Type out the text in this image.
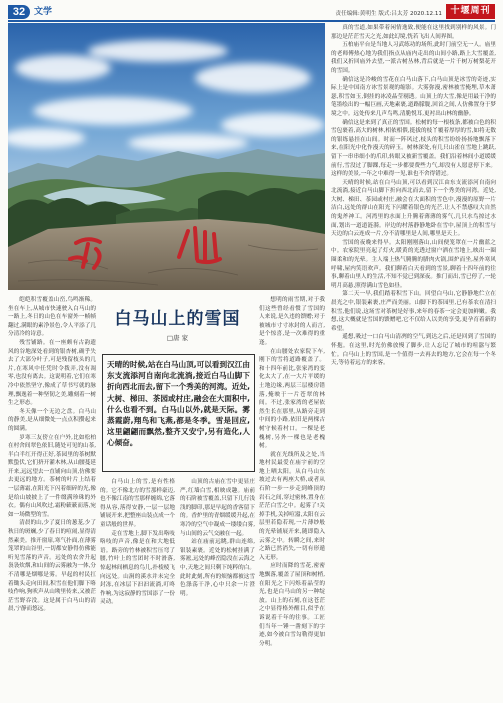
32 文学	责任编辑:黄明生 版式:吕太芳 2020.12.11 十堰周刊

真的雪道,如果带着闲情逸致,便能在这里找到别样的风景。门那边是茫茫雪天之光,如此幻境,恍若飞出人间界图。

五柏庙平台是当地人习武练功的场所,此时门前空无一人。庙里的老师傅热心地为我们指点从庙内走出的山间小路,路上大雪覆盖,我们又折回庙外去望,一派古树丛林,背后就是一片千树万树梨花开的雪国。

确信这是冷峻的雪花在白马山落下,白马山顶是冰雪的奇迹,实际上是中国南方冰雪景观的缩影。大雾弥漫,密林被雪掩埋,草木萧瑟,积雪如玉,倒挂的冰凌晶莹剔透。山顶上的大雪,像是用最干净的笔墨绘出的一幅巨画,天地素裹,道路朦胧,回首之间,人仿佛置身于梦境之中。远处传来几声鸟鸣,清脆悦耳,更衬出山林的幽静。

确信这是来到了真正的雪国。松树的每一根枝条,都被白色的积雪包裹着,高大的树林,相依相偎,挺拔的枝丫覆着厚厚的雪,如将无数的银练悬挂在山间。时而一阵风过,枝头的积雪纷纷扬扬地飘落下来,在阳光中化作漫天的碎玉。树林深处,有几只山雀在雪地上跳跃,留下一串串细小的爪印,转眼又被新雪覆盖。我们沿着林间小道缓缓前行,雪没过了脚踝,每走一步都要费些力气,却没有人愿意停下来。这样的美景,一年之中难得一见,谁也不舍得错过。

天晴的时候,站在白马山顶,可以看到汉江由东支流添河自南向北流淌,接近白马山脚下折向西北而去,留下一个秀美的河湾。近处,大树、梯田、茶园或村庄,融会在大面积的雪色中,漫漫的原野一片洁白,远处的群山在阳光下闪耀着银色的光芒,让人不禁感叹大自然的鬼斧神工。河湾里的水面上升腾着薄薄的雾气,几只水鸟掠过水面,划出一道道涟漪。岸边的村落静静地卧在雪中,屋顶上的积雪与天边的白云连成一片,分不清哪里是人间,哪里是天上。

雪国的夜晚来得早。太阳刚刚落山,山间便笼罩在一片幽蓝之中。农家院里亮起了灯火,暖黄的光透过窗户洒在雪地上,映出一圈圈柔和的光晕。主人端上热气腾腾的腊肉火锅,围炉而坐,屋外寒风呼啸,屋内笑语欢声。我们聊着白天看到的雪景,聊着十四年前的往事,聊着山里人的生活,不知不觉已到深夜。推门而出,雪已停了,一轮明月高悬,照得满山雪色如昼。

第二天一早,我们踏着积雪下山。回望白马山,它静静地伫立在晨光之中,银装素裹,庄严而美丽。山脚下的茶园里,已有茶农在清扫积雪,他们说,这场雪对茶树是好事,来年的春茶一定会更加鲜嫩。我想,这大概就是雪国的馈赠吧,它不仅给人以美的享受,更孕育着新的希望。

遥想,吸过一口白马山清冽的空气,到达之后,还是回到了雪国的怀抱。在这里,时光仿佛放慢了脚步,让人忘记了城市的喧嚣与繁忙。白马山上的雪国,是一个值得一去再去的地方,它会在每一个冬天,等待着远方的来客。

皑皑积雪覆盖山峦,鸟鸣渐稀。坐在车上,从城市快速驶入白马山的一路上,冬日的山色在车窗外一帧帧翻过,满眼的素净景色,令人平添了几分清冷的诗意。

残雪铺路。在一座颇有古韵遗风的谷地深处看到的银杏树,确乎失去了大部分叶子,可是残留枝头的几片,在寒风中任凭时令拨弄,没有凋零,也没有离去。这说明着,它们在寒冷中依然坚守,像成了草书写就的脉理,飘逸着一种坚韧之美,雕刻着一树生之形态。

冬天像一个无边之盘。白马山的静美,是从细微处一点点积攒起来的圆满。

岁寒三友傍立在户外,比如松柏在村舍间翠色依旧,随处可见的山茶,半白半红开得正好,茶园里的茶树默默蛰伏,它们挤开灌木林,从山腰蔓延开来,远远望去一直铺向山顶,仿佛要去更远的地方。茶树的叶片上结着一层薄霜,在阳光下闪着细碎的光,像是给山坡披上了一件缀满珍珠的外衣。偶有山风吹过,霜粉簌簌而落,宛如一场微型的雪。

清晨的山,少了夏日的葱茏,少了秋日的斑斓,少了春日的喧闹,显得清然素美。推开窗扉,寒气扑面,在薄雾笼罩的山谷里,一切都安静得仿佛能听见雪落的声音。远处的农舍升起袅袅炊烟,和山间的云雾融为一体,分不清哪是烟哪是雾。早起的村民扛着锄头走向田间,积雪在他们脚下咯吱作响,狗吠声从山坳里传来,又被茫茫雪野吞没。这是属于白马山的清晨,宁静而悠远。

白马山上的雪国
□唐 家
天晴的时候,站在白马山顶,可以看到汉江由东支流添河自南向北流淌,接近白马山脚下折向西北而去,留下一个秀美的河湾。近处,大树、梯田、茶园或村庄,融会在大面积中,什么也看不到。白马山以外,就是天际。雾蒸霞蔚,翔鸟和飞燕,都是冬季。雪是回应,这里翩翩而飘然,整齐又安宁,另有造化,人心倾奋。

白马山上的雪,是有性格的。它不像北方的雪那样豪迈,也不像江南的雪那样缠绵,它落得从容,落得安静,一层一层地铺展开来,把整座山装点成一个童话般的世界。

走在雪地上,脚下发出咯吱咯吱的声音,像是在和大地低语。路旁的竹林被积雪压弯了腰,竹叶上的雪团时不时滑落,惊起林间栖息的鸟儿,扑棱棱飞向远处。山涧的溪水并未完全封冻,在冰层下汩汩流淌,叮咚作响,为这寂静的雪国添了一份灵动。

山顶的古庙在雪中更显庄严,红墙白雪,相映成趣。庙前的石阶被雪覆盖,只留下几行浅浅的脚印,那是早起的香客留下的。香炉里的青烟缓缓升起,在寒冷的空气中凝成一缕缕白雾,与山间的云气交融在一起。

站在庙前远眺,群山连绵,银装素裹。近处的松树挂满了雾凇,远处的峰峦隐没在云海之中,天地之间只剩下纯粹的白。此时此刻,所有的烦恼都被这雪色涤荡干净,心中只余一片澄明。

想明的雨雪期,对于我们这些曾经看惯了雪国的人来说,是久违的馈赠;对于被城市寸寸冰封的人而言,是个惊喜,是一次难得的重逢。

在山腰处农家院下车,刚下的雪将道路覆盖了。和十四年前比,张家湾的变化太大了,在一大片平缓的土地边缘,两层三层楼房错落,掩映于一片苍翠的林间。不过,张家湾的老屋依然生长在那里,从路旁走到中间的小路,依旧是两棵古树守候着村口。一棵是老槐树,另外一棵也是老槐树。

就在光线所及之处,当地村民最爱在庙宇前的空地上晒太阳。从白马山东坡过去有两座大桥,或者从石阶一步一步走到峰顶的岩石之间,穿过密林,置身在茫茫白雪之中。起雾了!关掉手机,关掉喧嚣,太阳在云层里若隐若现,一片薄纱般的光晕铺展开来,随即隐入云雾之中。转瞬之间,来时之路已然消失,一切有形遁入无形。

应时而降的雪花,密密地飘落,覆盖了屋顶和树梢,在阳光之下闪烁着晶莹的光,也是白马山的另一种绽放。山上的石刻,在这苍茫之中显得格外醒目,似乎在诉说着千年的往事。工匠们当年一锤一凿刻下的字迹,如今被白雪勾勒得更加分明。
